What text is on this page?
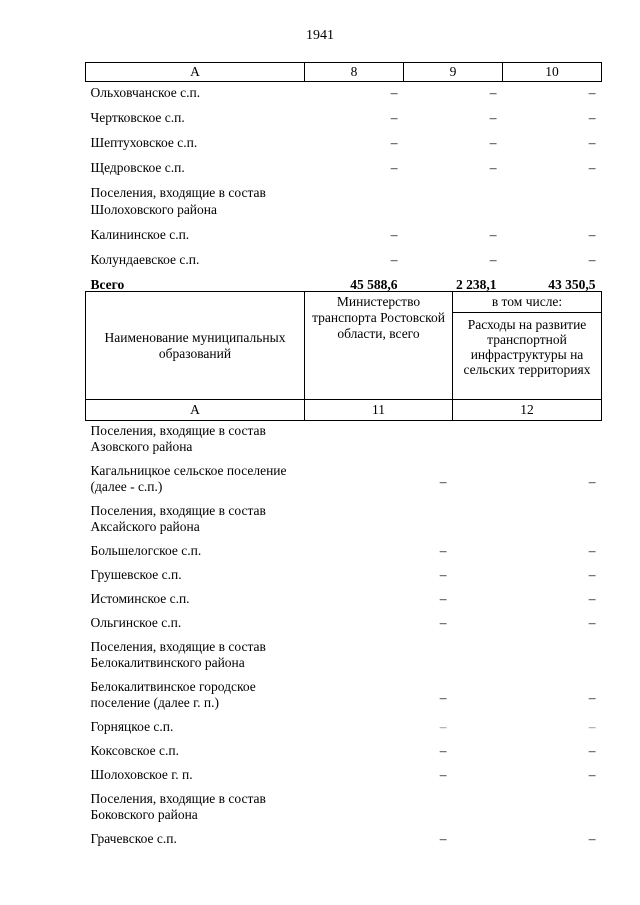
1941
А	8	9	10
Ольховчанское с.п.	–	–	–
Чертковское с.п.	–	–	–
Шептуховское с.п.	–	–	–
Щедровское с.п.	–	–	–
Поселения, входящие в состав Шолоховского района			
Калининское с.п.	–	–	–
Колундаевское с.п.	–	–	–
Всего	45 588,6	2 238,1	43 350,5
Наименование муниципальных образований	Министерство транспорта Ростовской области, всего	в том числе:
		Расходы на развитие транспортной инфраструктуры на сельских территориях
А	11	12
Поселения, входящие в состав Азовского района		
Кагальницкое сельское поселение (далее - с.п.)	–	–
Поселения, входящие в состав Аксайского района		
Большелогское с.п.	–	–
Грушевское с.п.	–	–
Истоминское с.п.	–	–
Ольгинское с.п.	–	–
Поселения, входящие в состав Белокалитвинского района		
Белокалитвинское городское поселение (далее г. п.)	–	–
Горняцкое с.п.	–	–
Коксовское с.п.	–	–
Шолоховское г. п.	–	–
Поселения, входящие в состав Боковского района		
Грачевское с.п.	–	–
